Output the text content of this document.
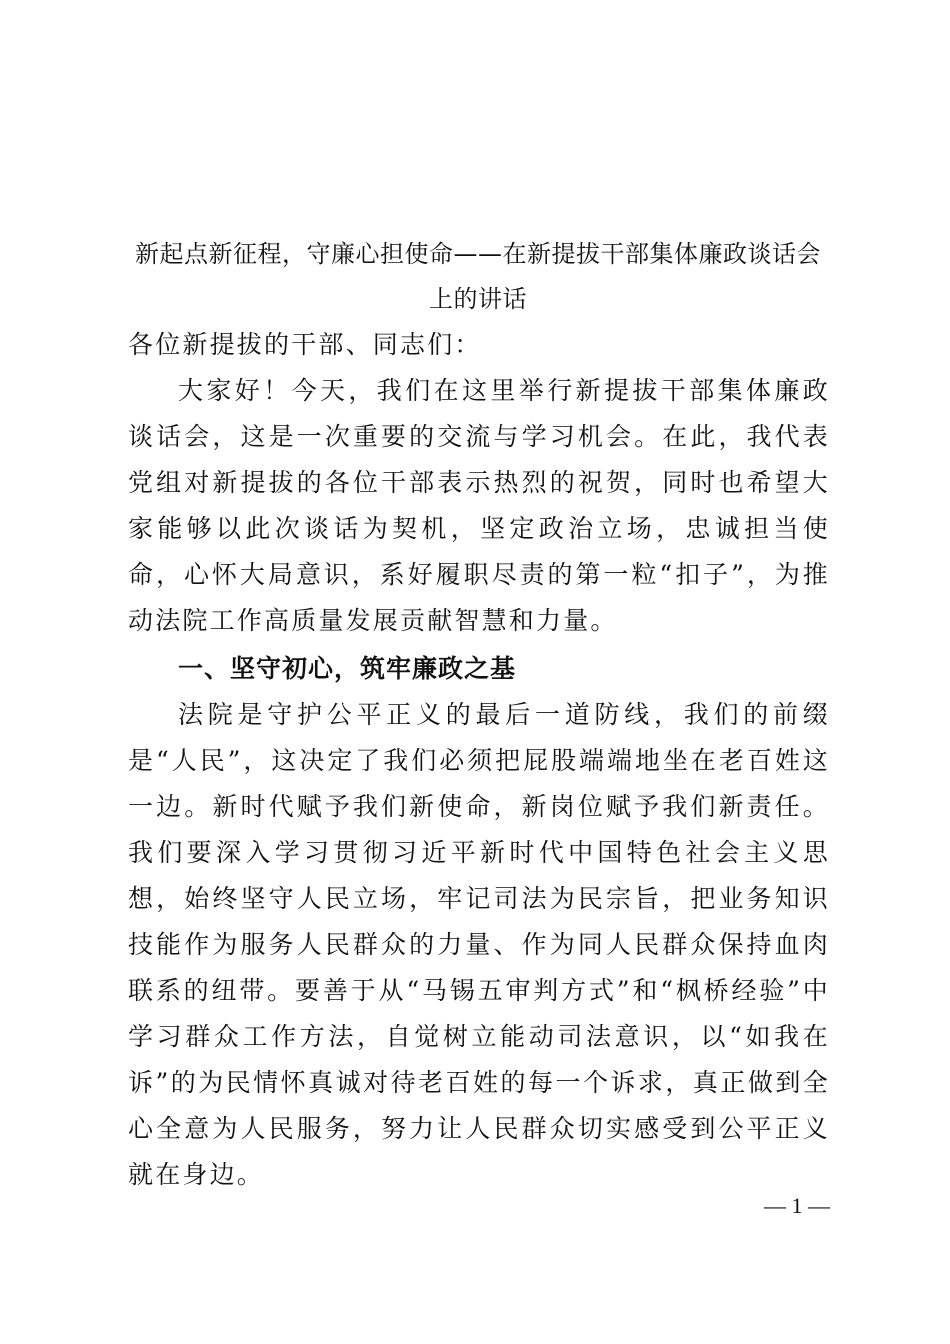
新起点新征程，守廉心担使命——在新提拔干部集体廉政谈话会上的讲话
各位新提拔的干部、同志们：
大家好！今天，我们在这里举行新提拔干部集体廉政谈话会，这是一次重要的交流与学习机会。在此，我代表党组对新提拔的各位干部表示热烈的祝贺，同时也希望大家能够以此次谈话为契机，坚定政治立场，忠诚担当使命，心怀大局意识，系好履职尽责的第一粒“扣子”，为推动法院工作高质量发展贡献智慧和力量。
一、坚守初心，筑牢廉政之基
法院是守护公平正义的最后一道防线，我们的前缀是“人民”，这决定了我们必须把屁股端端地坐在老百姓这一边。新时代赋予我们新使命，新岗位赋予我们新责任。我们要深入学习贯彻习近平新时代中国特色社会主义思想，始终坚守人民立场，牢记司法为民宗旨，把业务知识技能作为服务人民群众的力量、作为同人民群众保持血肉联系的纽带。要善于从“马锡五审判方式”和“枫桥经验”中学习群众工作方法，自觉树立能动司法意识，以“如我在诉”的为民情怀真诚对待老百姓的每一个诉求，真正做到全心全意为人民服务，努力让人民群众切实感受到公平正义就在身边。
— 1 —
